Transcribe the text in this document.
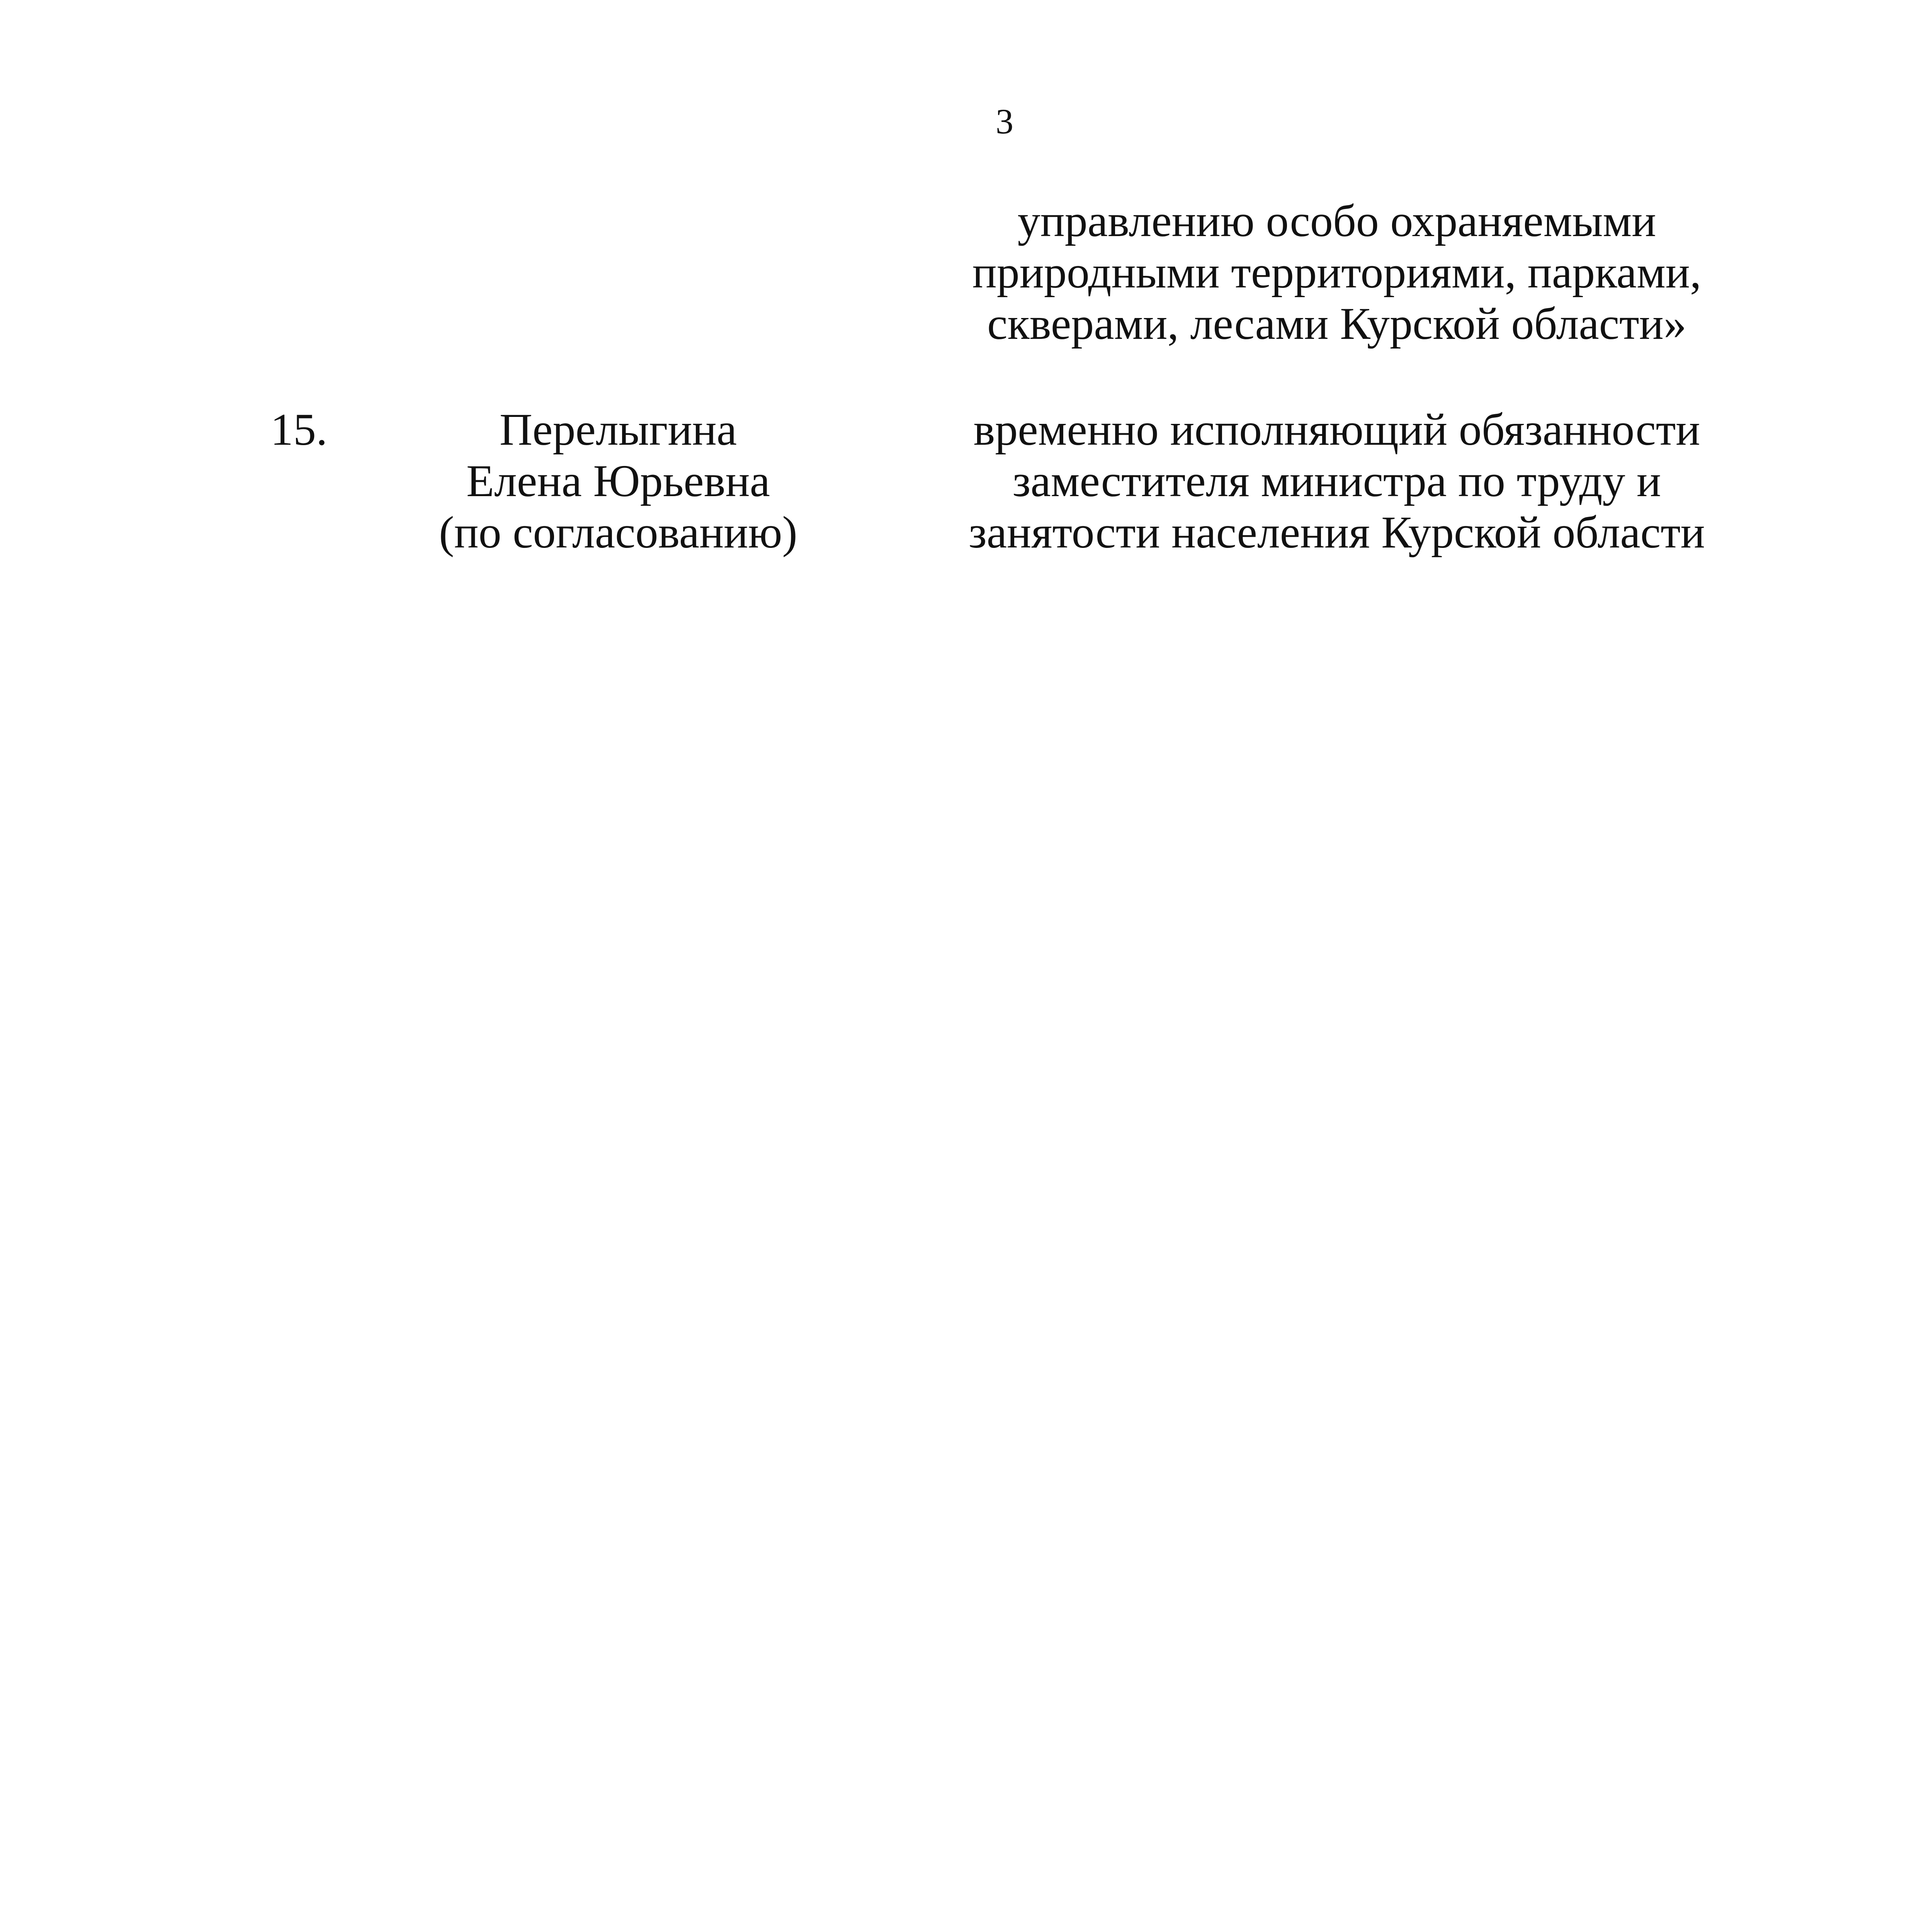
3
управлению особо охраняемыми
природными территориями, парками,
скверами, лесами Курской области»
15.	Перелыгина
Елена Юрьевна
(по согласованию)
временно исполняющий обязанности
заместителя министра по труду и
занятости населения Курской области
